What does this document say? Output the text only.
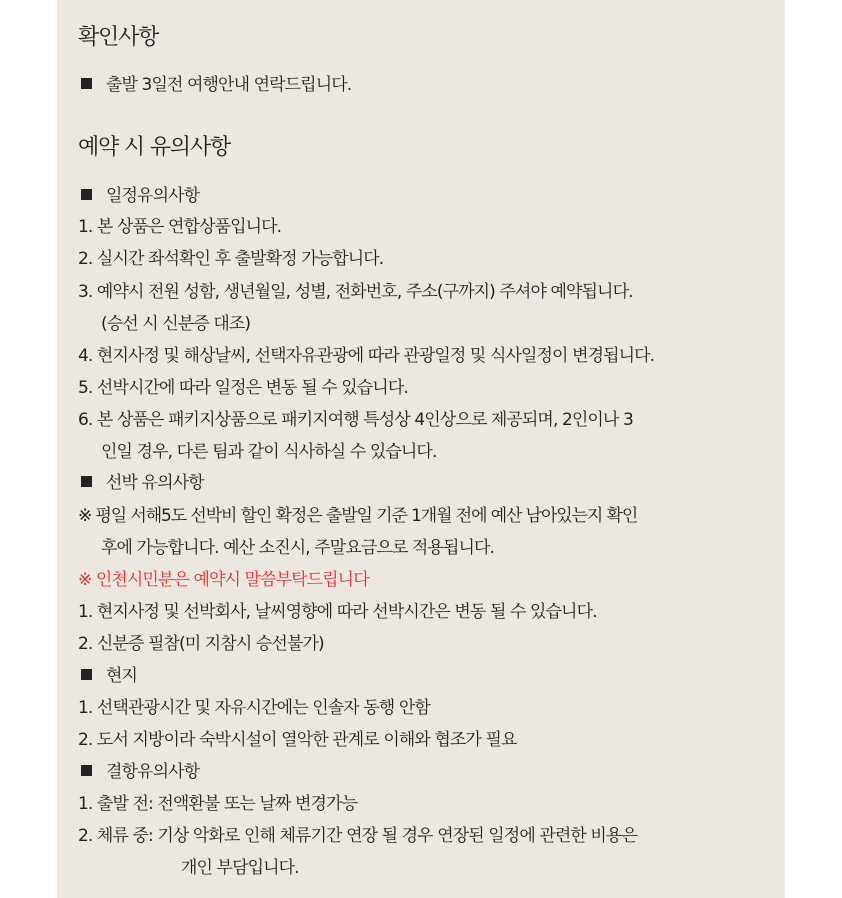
확인사항
출발 3일전 여행안내 연락드립니다.
예약 시 유의사항
일정유의사항
1. 본 상품은 연합상품입니다.
2. 실시간 좌석확인 후 출발확정 가능합니다.
3. 예약시 전원 성함, 생년월일, 성별, 전화번호, 주소(구까지) 주셔야 예약됩니다.
(승선 시 신분증 대조)
4. 현지사정 및 해상날씨, 선택자유관광에 따라 관광일정 및 식사일정이 변경됩니다.
5. 선박시간에 따라 일정은 변동 될 수 있습니다.
6. 본 상품은 패키지상품으로 패키지여행 특성상 4인상으로 제공되며, 2인이나 3
인일 경우, 다른 팀과 같이 식사하실 수 있습니다.
선박 유의사항
※ 평일 서해5도 선박비 할인 확정은 출발일 기준 1개월 전에 예산 남아있는지 확인
후에 가능합니다. 예산 소진시, 주말요금으로 적용됩니다.
※ 인천시민분은 예약시 말씀부탁드립니다
1. 현지사정 및 선박회사, 날씨영향에 따라 선박시간은 변동 될 수 있습니다.
2. 신분증 필참(미 지참시 승선불가)
현지
1. 선택관광시간 및 자유시간에는 인솔자 동행 안함
2. 도서 지방이라 숙박시설이 열악한 관계로 이해와 협조가 필요
결항유의사항
1. 출발 전: 전액환불 또는 날짜 변경가능
2. 체류 중: 기상 악화로 인해 체류기간 연장 될 경우 연장된 일정에 관련한 비용은
개인 부담입니다.
